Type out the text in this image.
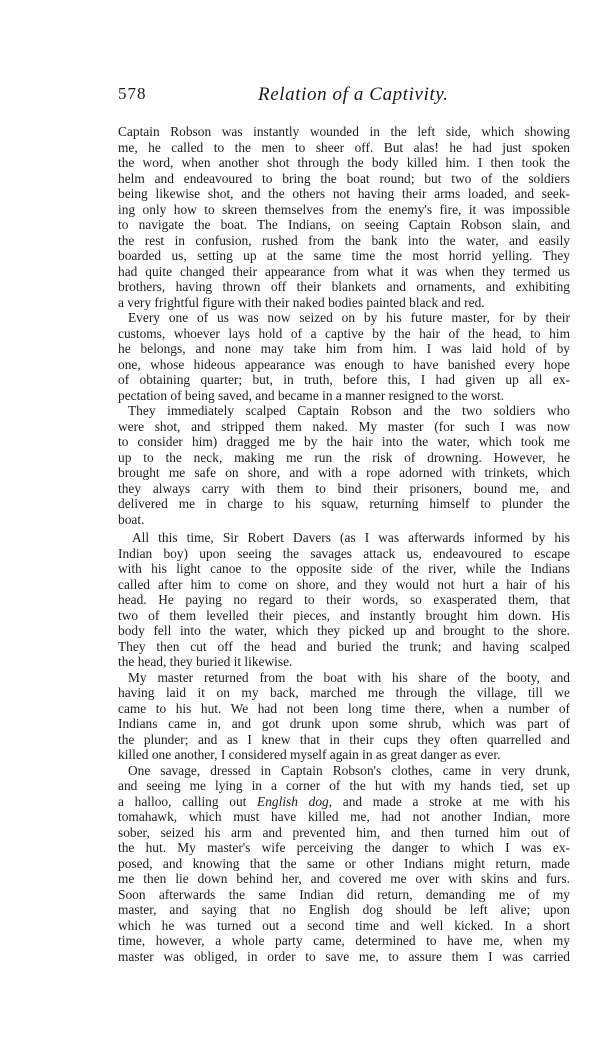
578	Relation of a Captivity.
Captain Robson was instantly wounded in the left side, which showing
me, he called to the men to sheer off. But alas! he had just spoken
the word, when another shot through the body killed him. I then took the
helm and endeavoured to bring the boat round; but two of the soldiers
being likewise shot, and the others not having their arms loaded, and seek-
ing only how to skreen themselves from the enemy's fire, it was impossible
to navigate the boat. The Indians, on seeing Captain Robson slain, and
the rest in confusion, rushed from the bank into the water, and easily
boarded us, setting up at the same time the most horrid yelling. They
had quite changed their appearance from what it was when they termed us
brothers, having thrown off their blankets and ornaments, and exhibiting
a very frightful figure with their naked bodies painted black and red.
Every one of us was now seized on by his future master, for by their
customs, whoever lays hold of a captive by the hair of the head, to him
he belongs, and none may take him from him. I was laid hold of by
one, whose hideous appearance was enough to have banished every hope
of obtaining quarter; but, in truth, before this, I had given up all ex-
pectation of being saved, and became in a manner resigned to the worst.
They immediately scalped Captain Robson and the two soldiers who
were shot, and stripped them naked. My master (for such I was now
to consider him) dragged me by the hair into the water, which took me
up to the neck, making me run the risk of drowning. However, he
brought me safe on shore, and with a rope adorned with trinkets, which
they always carry with them to bind their prisoners, bound me, and
delivered me in charge to his squaw, returning himself to plunder the
boat.
All this time, Sir Robert Davers (as I was afterwards informed by his
Indian boy) upon seeing the savages attack us, endeavoured to escape
with his light canoe to the opposite side of the river, while the Indians
called after him to come on shore, and they would not hurt a hair of his
head. He paying no regard to their words, so exasperated them, that
two of them levelled their pieces, and instantly brought him down. His
body fell into the water, which they picked up and brought to the shore.
They then cut off the head and buried the trunk; and having scalped
the head, they buried it likewise.
My master returned from the boat with his share of the booty, and
having laid it on my back, marched me through the village, till we
came to his hut. We had not been long time there, when a number of
Indians came in, and got drunk upon some shrub, which was part of
the plunder; and as I knew that in their cups they often quarrelled and
killed one another, I considered myself again in as great danger as ever.
One savage, dressed in Captain Robson's clothes, came in very drunk,
and seeing me lying in a corner of the hut with my hands tied, set up
a halloo, calling out English dog, and made a stroke at me with his
tomahawk, which must have killed me, had not another Indian, more
sober, seized his arm and prevented him, and then turned him out of
the hut. My master's wife perceiving the danger to which I was ex-
posed, and knowing that the same or other Indians might return, made
me then lie down behind her, and covered me over with skins and furs.
Soon afterwards the same Indian did return, demanding me of my
master, and saying that no English dog should be left alive; upon
which he was turned out a second time and well kicked. In a short
time, however, a whole party came, determined to have me, when my
master was obliged, in order to save me, to assure them I was carried
